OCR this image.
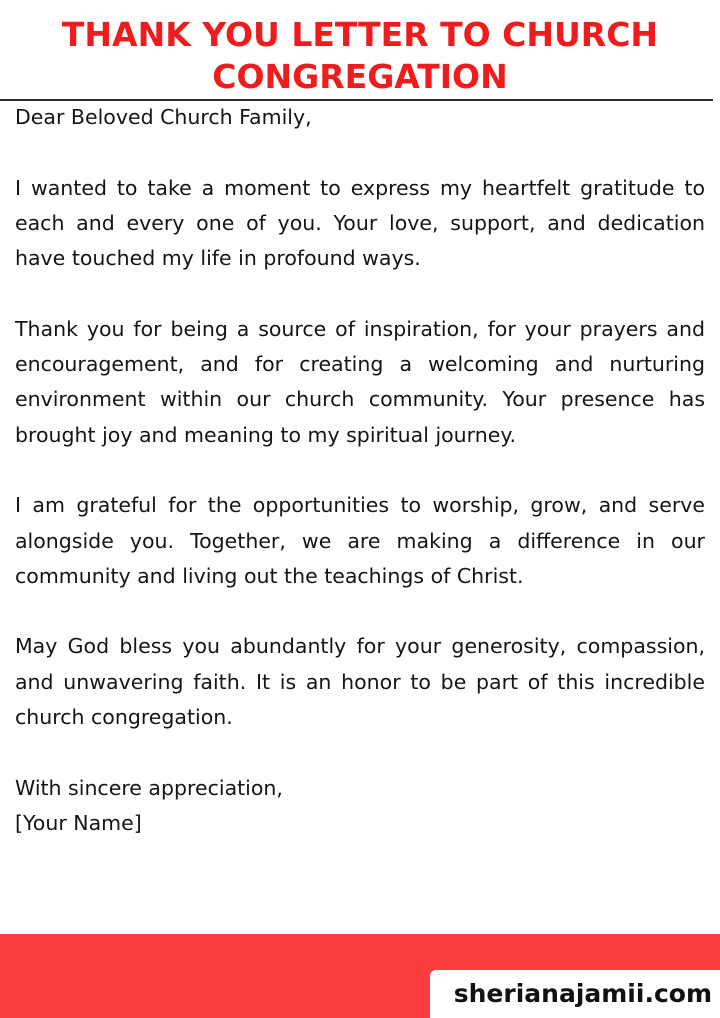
THANK YOU LETTER TO CHURCH
CONGREGATION

Dear Beloved Church Family,

I wanted to take a moment to express my heartfelt gratitude to each and every one of you. Your love, support, and dedication have touched my life in profound ways.

Thank you for being a source of inspiration, for your prayers and encouragement, and for creating a welcoming and nurturing environment within our church community. Your presence has brought joy and meaning to my spiritual journey.

I am grateful for the opportunities to worship, grow, and serve alongside you. Together, we are making a difference in our community and living out the teachings of Christ.

May God bless you abundantly for your generosity, compassion, and unwavering faith. It is an honor to be part of this incredible church congregation.

With sincere appreciation,

[Your Name]

sherianajamii.com
